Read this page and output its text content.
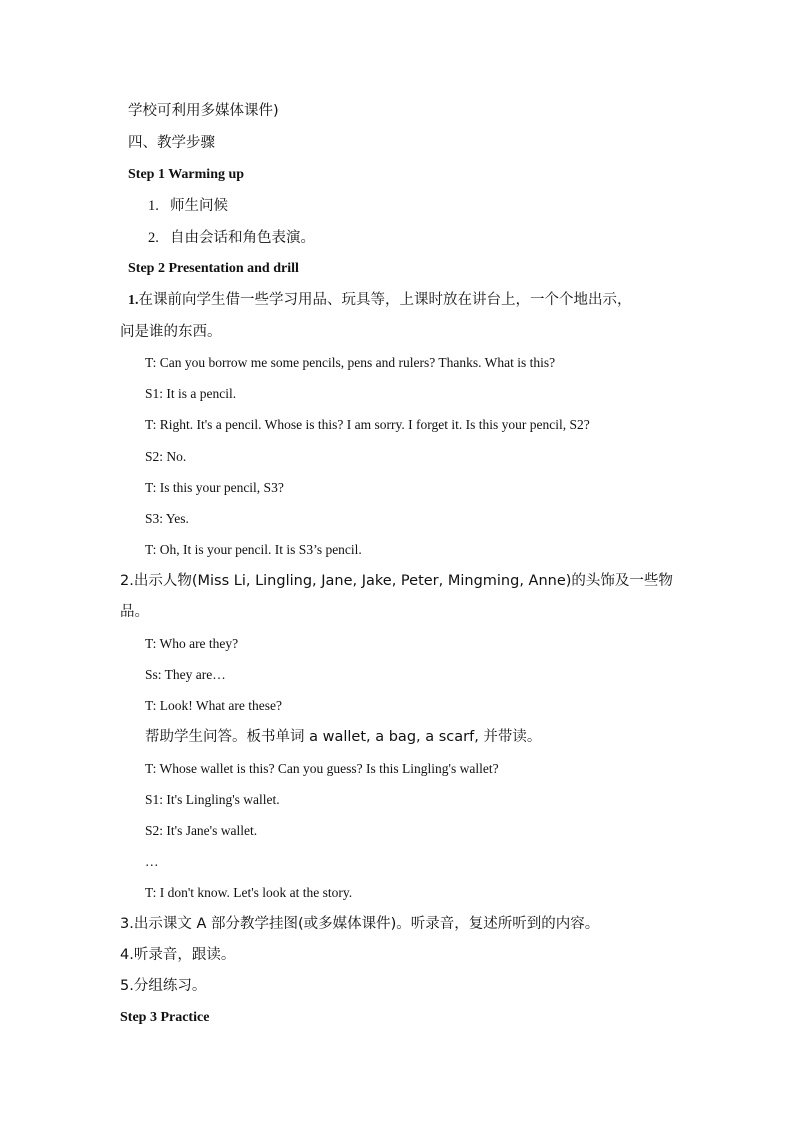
学校可利用多媒体课件)
四、教学步骤
Step 1 Warming up
1. 师生问候
2. 自由会话和角色表演。
Step 2 Presentation and drill
1.在课前向学生借一些学习用品、玩具等，上课时放在讲台上，一个个地出示，
问是谁的东西。
T: Can you borrow me some pencils, pens and rulers? Thanks. What is this?
S1: It is a pencil.
T: Right. It's a pencil. Whose is this? I am sorry. I forget it. Is this your pencil, S2?
S2: No.
T: Is this your pencil, S3?
S3: Yes.
T: Oh, It is your pencil. It is S3’s pencil.
2.出示人物(Miss Li, Lingling, Jane, Jake, Peter, Mingming, Anne)的头饰及一些物
品。
T: Who are they?
Ss: They are…
T: Look! What are these?
帮助学生问答。板书单词 a wallet, a bag, a scarf, 并带读。
T: Whose wallet is this? Can you guess? Is this Lingling's wallet?
S1: It's Lingling's wallet.
S2: It's Jane's wallet.
…
T: I don't know. Let's look at the story.
3.出示课文 A 部分教学挂图(或多媒体课件)。听录音，复述所听到的内容。
4.听录音，跟读。
5.分组练习。
Step 3 Practice
